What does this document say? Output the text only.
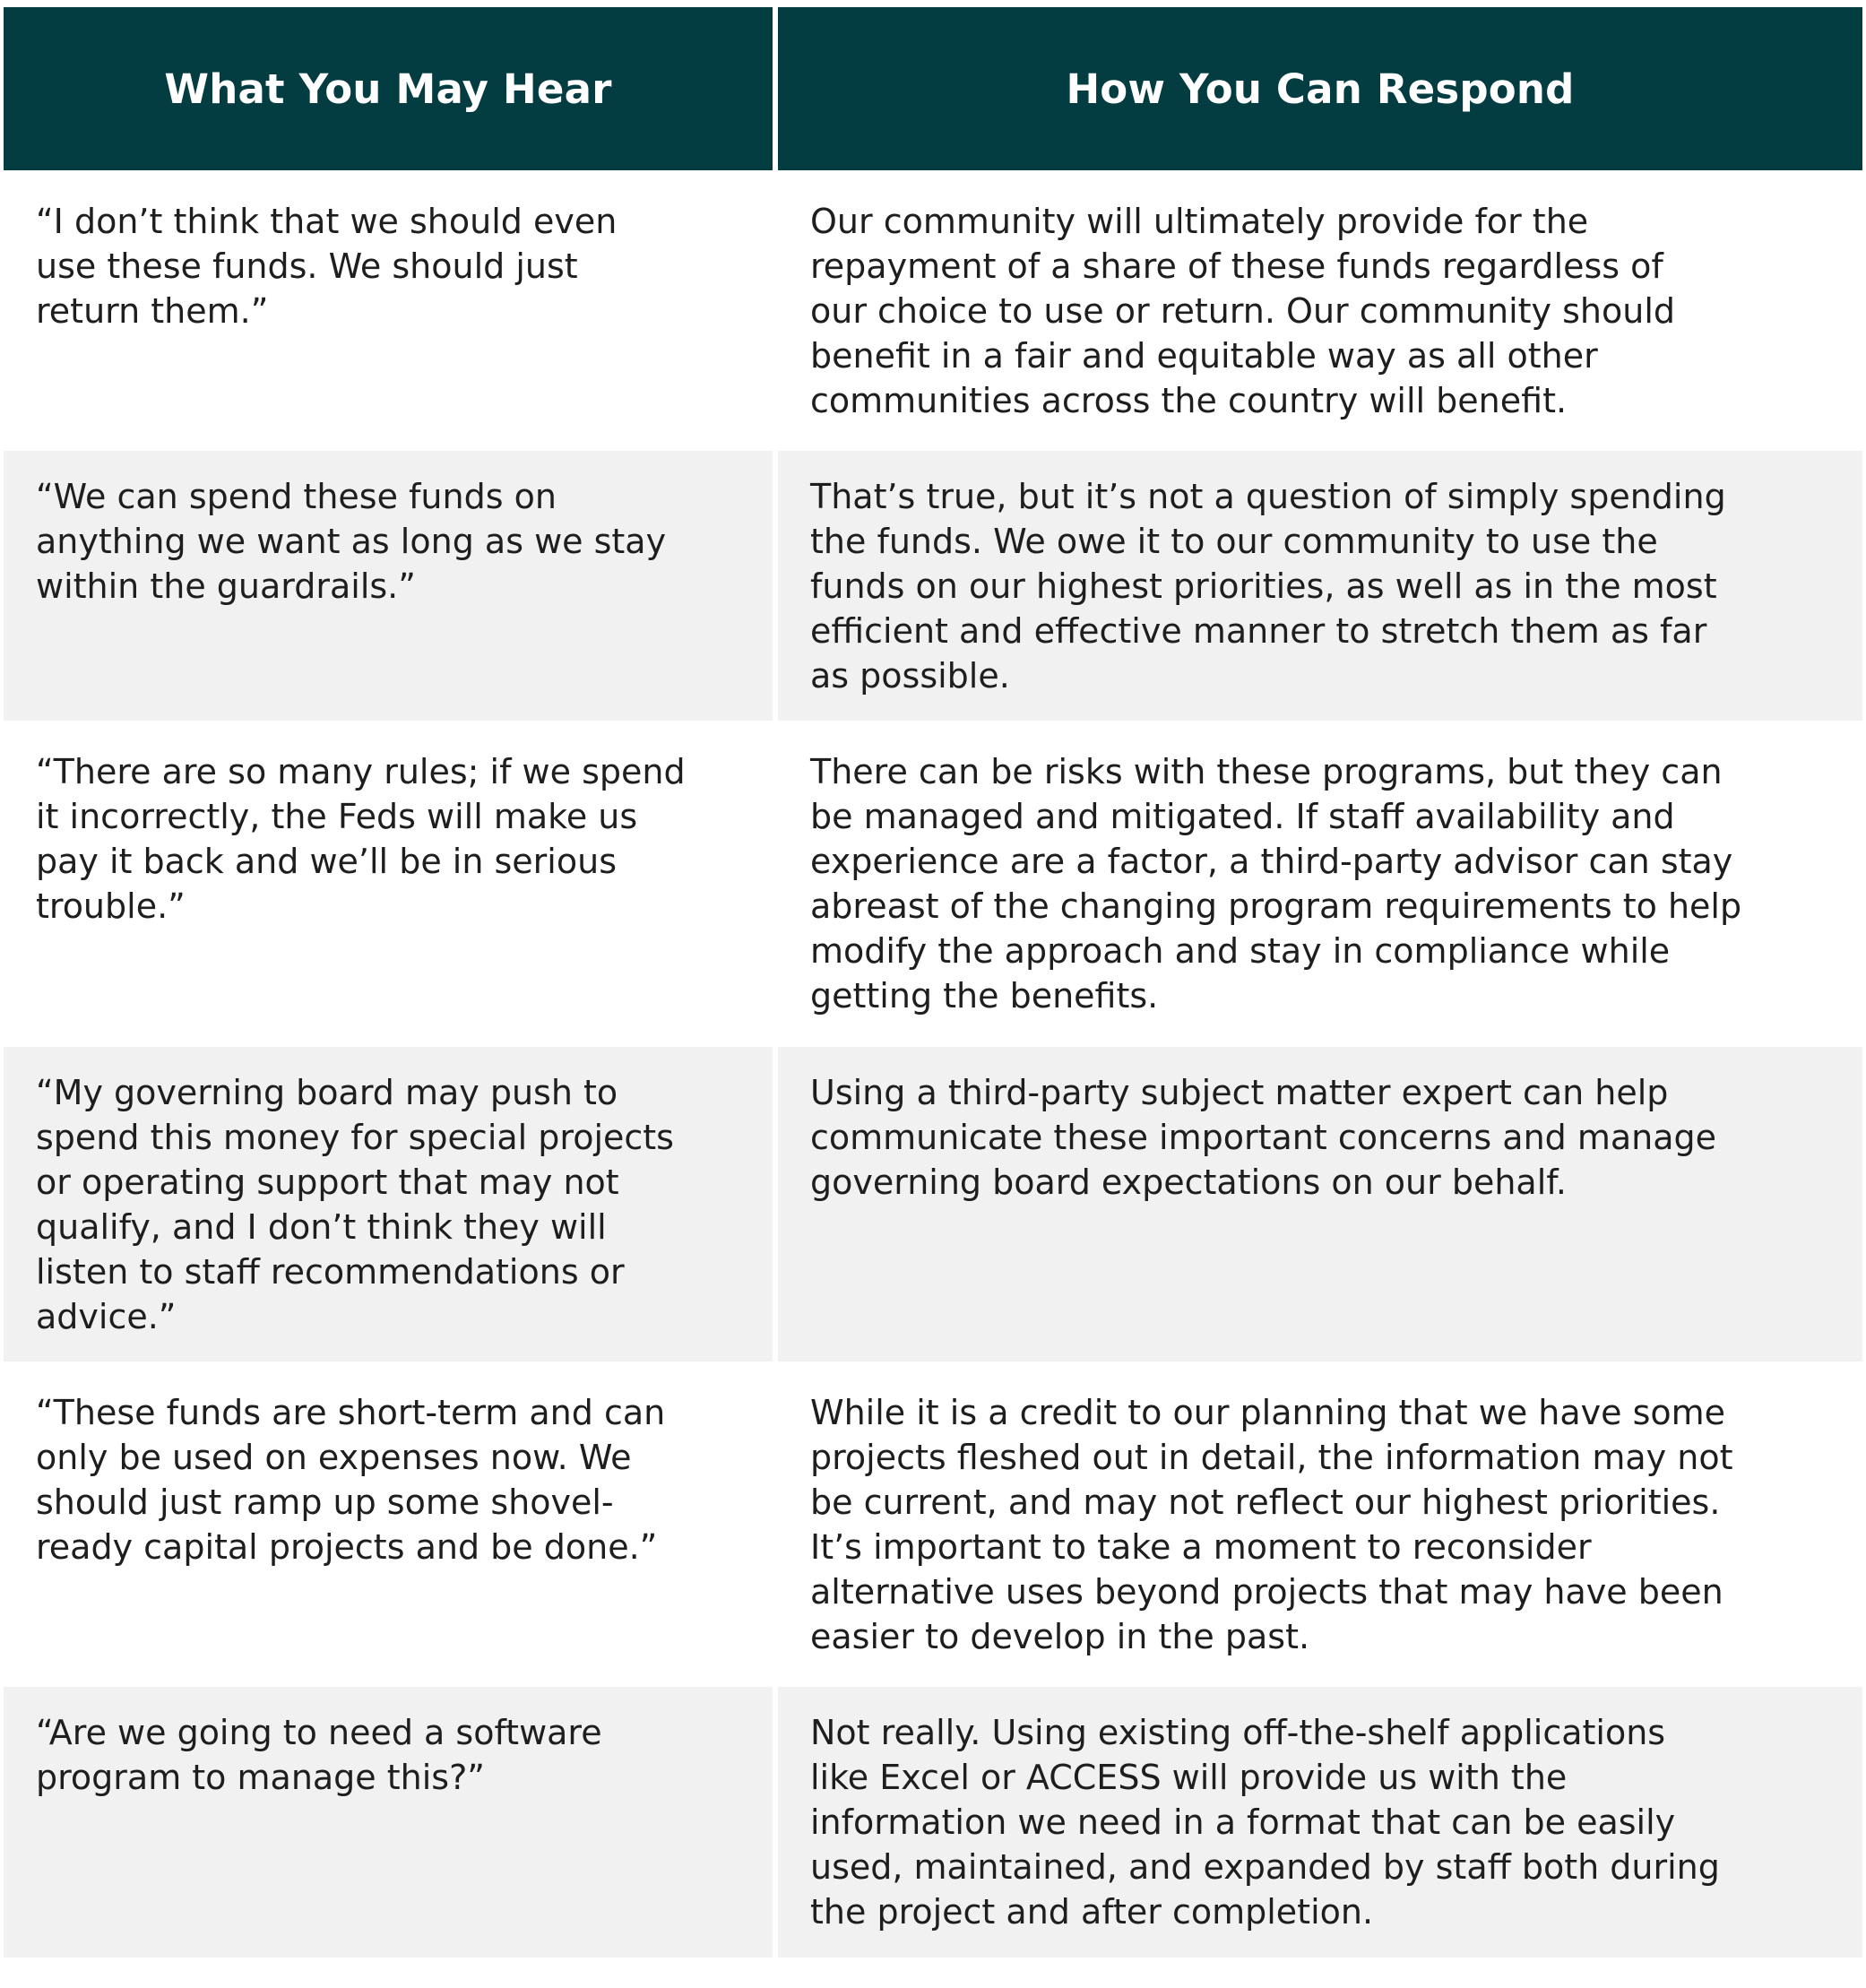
What You May Hear	How You Can Respond
“I don’t think that we should even
use these funds. We should just
return them.”
Our community will ultimately provide for the
repayment of a share of these funds regardless of
our choice to use or return. Our community should
benefit in a fair and equitable way as all other
communities across the country will benefit.
“We can spend these funds on
anything we want as long as we stay
within the guardrails.”
That’s true, but it’s not a question of simply spending
the funds. We owe it to our community to use the
funds on our highest priorities, as well as in the most
efficient and effective manner to stretch them as far
as possible.
“There are so many rules; if we spend
it incorrectly, the Feds will make us
pay it back and we’ll be in serious
trouble.”
There can be risks with these programs, but they can
be managed and mitigated. If staff availability and
experience are a factor, a third-party advisor can stay
abreast of the changing program requirements to help
modify the approach and stay in compliance while
getting the benefits.
“My governing board may push to
spend this money for special projects
or operating support that may not
qualify, and I don’t think they will
listen to staff recommendations or
advice.”
Using a third-party subject matter expert can help
communicate these important concerns and manage
governing board expectations on our behalf.
“These funds are short-term and can
only be used on expenses now. We
should just ramp up some shovel-
ready capital projects and be done.”
While it is a credit to our planning that we have some
projects fleshed out in detail, the information may not
be current, and may not reflect our highest priorities.
It’s important to take a moment to reconsider
alternative uses beyond projects that may have been
easier to develop in the past.
“Are we going to need a software
program to manage this?”
Not really. Using existing off-the-shelf applications
like Excel or ACCESS will provide us with the
information we need in a format that can be easily
used, maintained, and expanded by staff both during
the project and after completion.
